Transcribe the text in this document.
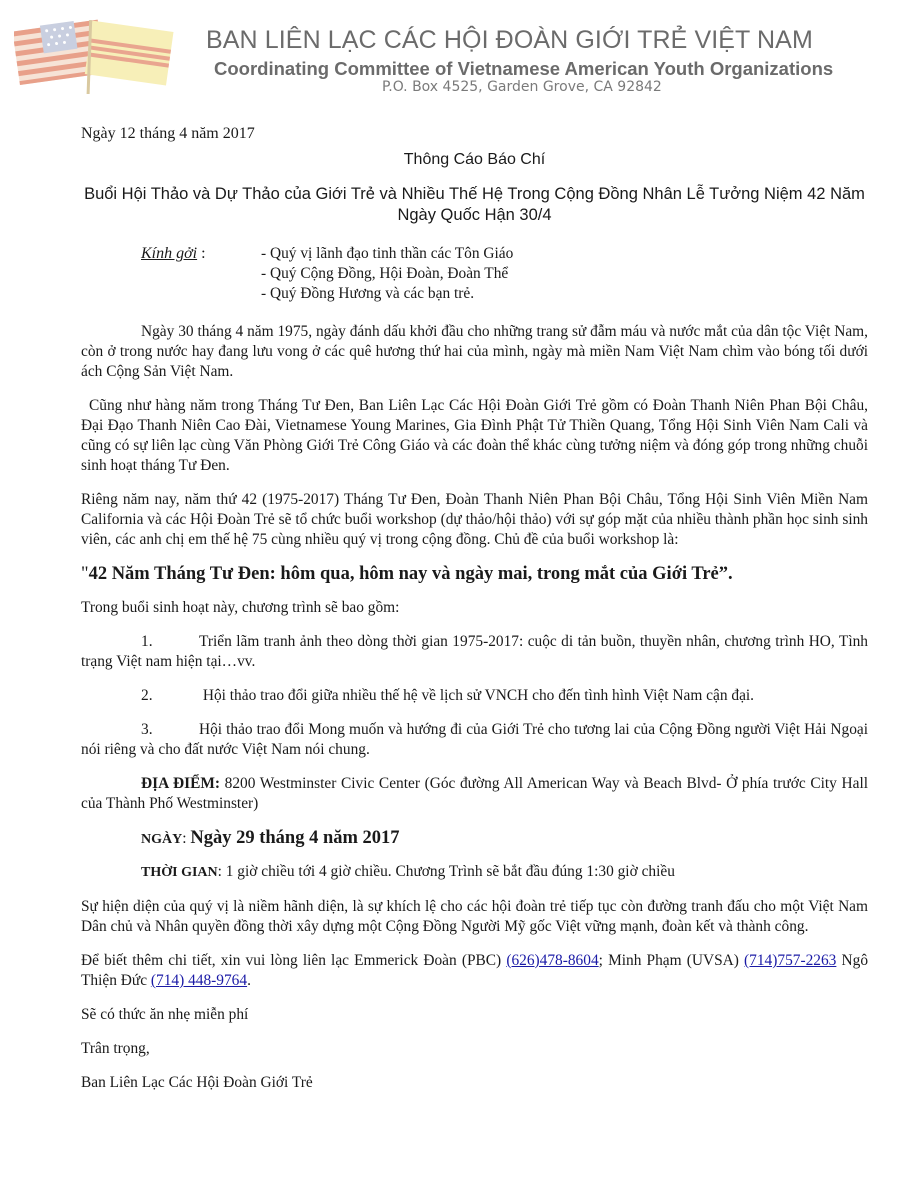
BAN LIÊN LẠC CÁC HỘI ĐOÀN GIỚI TRẺ VIỆT NAM
Coordinating Committee of Vietnamese American Youth Organizations
P.O. Box 4525, Garden Grove, CA 92842
Ngày 12 tháng 4 năm 2017
Thông Cáo Báo Chí
Buổi Hội Thảo và Dự Thảo của Giới Trẻ và Nhiều Thế Hệ Trong Cộng Đồng Nhân Lễ Tưởng Niệm 42 Năm Ngày Quốc Hận 30/4
Kính gởi :	- Quý vị lãnh đạo tinh thần các Tôn Giáo
- Quý Cộng Đồng, Hội Đoàn, Đoàn Thể
- Quý Đồng Hương và các bạn trẻ.

Ngày 30 tháng 4 năm 1975, ngày đánh dấu khởi đầu cho những trang sử đẫm máu và nước mắt của dân tộc Việt Nam, còn ở trong nước hay đang lưu vong ở các quê hương thứ hai của mình, ngày mà miền Nam Việt Nam chìm vào bóng tối dưới ách Cộng Sản Việt Nam.

Cũng như hàng năm trong Tháng Tư Đen, Ban Liên Lạc Các Hội Đoàn Giới Trẻ gồm có Đoàn Thanh Niên Phan Bội Châu, Đại Đạo Thanh Niên Cao Đài, Vietnamese Young Marines, Gia Đình Phật Tử Thiền Quang, Tổng Hội Sinh Viên Nam Cali và cũng có sự liên lạc cùng Văn Phòng Giới Trẻ Công Giáo và các đoàn thể khác cùng tưởng niệm và đóng góp trong những chuỗi sinh hoạt tháng Tư Đen.

Riêng năm nay, năm thứ 42 (1975-2017) Tháng Tư Đen, Đoàn Thanh Niên Phan Bội Châu, Tổng Hội Sinh Viên Miền Nam California và các Hội Đoàn Trẻ sẽ tổ chức buổi workshop (dự thảo/hội thảo) với sự góp mặt của nhiều thành phần học sinh sinh viên, các anh chị em thế hệ 75 cùng nhiều quý vị trong cộng đồng. Chủ đề của buổi workshop là:

"42 Năm Tháng Tư Đen: hôm qua, hôm nay và ngày mai, trong mắt của Giới Trẻ”.

Trong buổi sinh hoạt này, chương trình sẽ bao gồm:

1.	Triển lãm tranh ảnh theo dòng thời gian 1975-2017: cuộc di tản buồn, thuyền nhân, chương trình HO, Tình trạng Việt nam hiện tại…vv.
2.	Hội thảo trao đổi giữa nhiều thế hệ về lịch sử VNCH cho đến tình hình Việt Nam cận đại.
3.	Hội thảo trao đổi Mong muốn và hướng đi của Giới Trẻ cho tương lai của Cộng Đồng người Việt Hải Ngoại nói riêng và cho đất nước Việt Nam nói chung.

ĐỊA ĐIỂM: 8200 Westminster Civic Center (Góc đường All American Way và Beach Blvd- Ở phía trước City Hall của Thành Phố Westminster)

NGÀY: Ngày 29 tháng 4 năm 2017

THỜI GIAN: 1 giờ chiều tới 4 giờ chiều. Chương Trình sẽ bắt đầu đúng 1:30 giờ chiều

Sự hiện diện của quý vị là niềm hãnh diện, là sự khích lệ cho các hội đoàn trẻ tiếp tục còn đường tranh đấu cho một Việt Nam Dân chủ và Nhân quyền đồng thời xây dựng một Cộng Đồng Người Mỹ gốc Việt vững mạnh, đoàn kết và thành công.

Để biết thêm chi tiết, xin vui lòng liên lạc Emmerick Đoàn (PBC) (626)478-8604; Minh Phạm (UVSA) (714)757-2263 Ngô Thiện Đức (714) 448-9764.

Sẽ có thức ăn nhẹ miễn phí

Trân trọng,

Ban Liên Lạc Các Hội Đoàn Giới Trẻ
